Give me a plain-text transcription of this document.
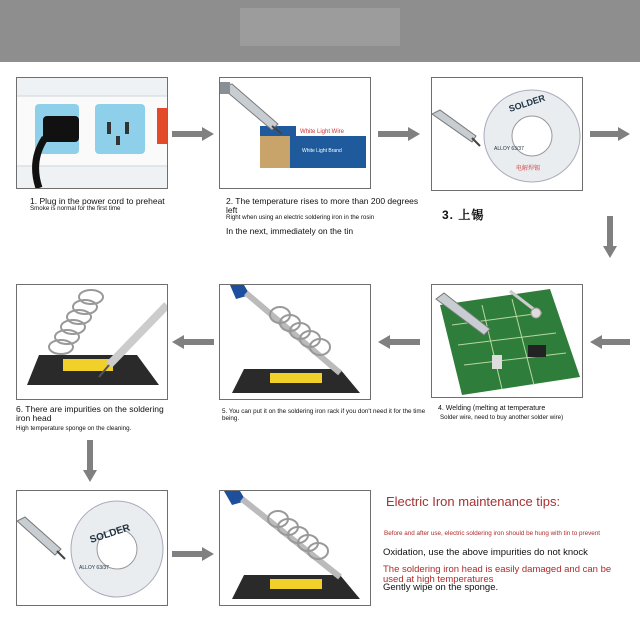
White Light Wire
White Light Brand
SOLDER
ALLOY 63/37
电解焊锡
SOLDER
ALLOY 63/37
1. Plug in the power cord to preheat
Smoke is normal for the first time
2. The temperature rises to more than 200 degrees left
Right when using an electric soldering iron in the rosin
In the next, immediately on the tin
3. 上锡
4. Welding (melting at temperature
Solder wire, need to buy another solder wire)
5. You can put it on the soldering iron rack if you don't need it for the time being.
6. There are impurities on the soldering iron head
High temperature sponge on the cleaning.
Electric Iron maintenance tips:
Before and after use, electric soldering iron should be hung with tin to prevent
Oxidation, use the above impurities do not knock
The soldering iron head is easily damaged and can be used at high temperatures
Gently wipe on the sponge.
